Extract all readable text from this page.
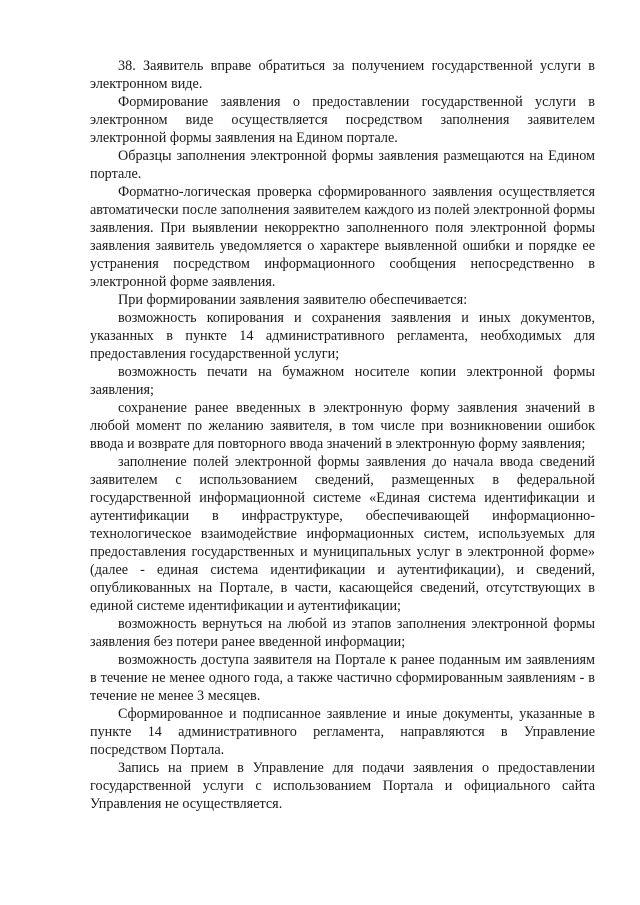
38. Заявитель вправе обратиться за получением государственной услуги в электронном виде.

Формирование заявления о предоставлении государственной услуги в электронном виде осуществляется посредством заполнения заявителем электронной формы заявления на Едином портале.

Образцы заполнения электронной формы заявления размещаются на Едином портале.

Форматно-логическая проверка сформированного заявления осуществляется автоматически после заполнения заявителем каждого из полей электронной формы заявления. При выявлении некорректно заполненного поля электронной формы заявления заявитель уведомляется о характере выявленной ошибки и порядке ее устранения посредством информационного сообщения непосредственно в электронной форме заявления.

При формировании заявления заявителю обеспечивается:

возможность копирования и сохранения заявления и иных документов, указанных в пункте 14 административного регламента, необходимых для предоставления государственной услуги;

возможность печати на бумажном носителе копии электронной формы заявления;

сохранение ранее введенных в электронную форму заявления значений в любой момент по желанию заявителя, в том числе при возникновении ошибок ввода и возврате для повторного ввода значений в электронную форму заявления;

заполнение полей электронной формы заявления до начала ввода сведений заявителем с использованием сведений, размещенных в федеральной государственной информационной системе «Единая система идентификации и аутентификации в инфраструктуре, обеспечивающей информационно-технологическое взаимодействие информационных систем, используемых для предоставления государственных и муниципальных услуг в электронной форме» (далее - единая система идентификации и аутентификации), и сведений, опубликованных на Портале, в части, касающейся сведений, отсутствующих в единой системе идентификации и аутентификации;

возможность вернуться на любой из этапов заполнения электронной формы заявления без потери ранее введенной информации;

возможность доступа заявителя на Портале к ранее поданным им заявлениям в течение не менее одного года, а также частично сформированным заявлениям - в течение не менее 3 месяцев.

Сформированное и подписанное заявление и иные документы, указанные в пункте 14 административного регламента, направляются в Управление посредством Портала.

Запись на прием в Управление для подачи заявления о предоставлении государственной услуги с использованием Портала и официального сайта Управления не осуществляется.
